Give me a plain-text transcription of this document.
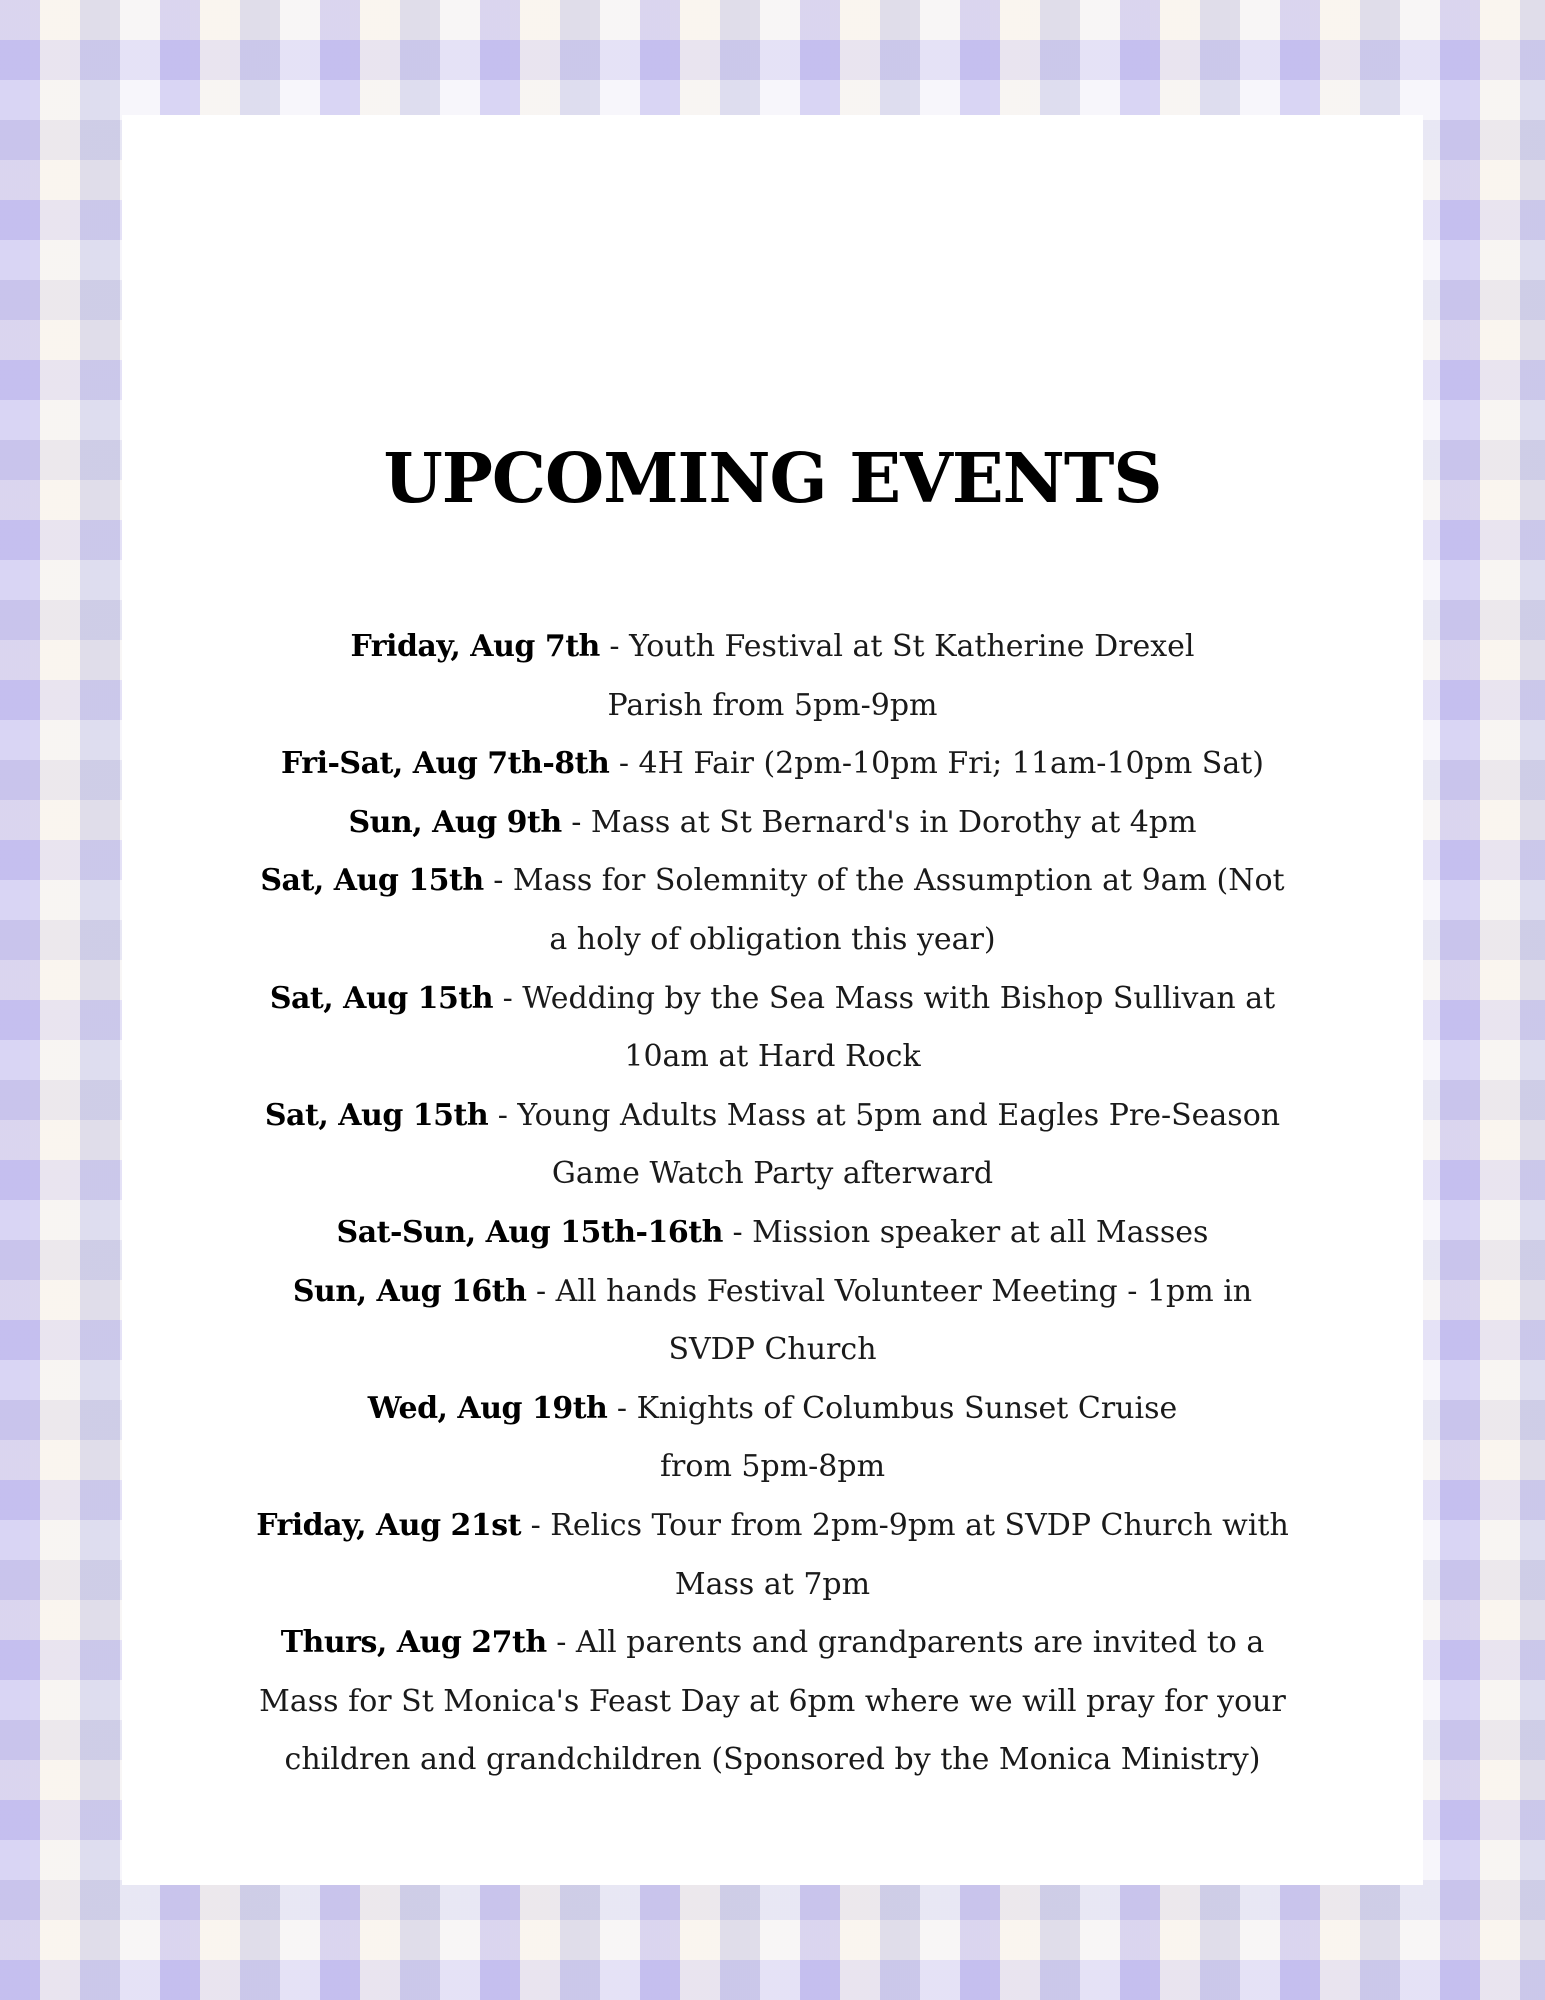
UPCOMING EVENTS

Friday, Aug 7th - Youth Festival at St Katherine Drexel
Parish from 5pm-9pm

Fri-Sat, Aug 7th-8th - 4H Fair (2pm-10pm Fri; 11am-10pm Sat)

Sun, Aug 9th - Mass at St Bernard's in Dorothy at 4pm

Sat, Aug 15th - Mass for Solemnity of the Assumption at 9am (Not a holy of obligation this year)

Sat, Aug 15th - Wedding by the Sea Mass with Bishop Sullivan at 10am at Hard Rock

Sat, Aug 15th - Young Adults Mass at 5pm and Eagles Pre-Season Game Watch Party afterward

Sat-Sun, Aug 15th-16th - Mission speaker at all Masses

Sun, Aug 16th - All hands Festival Volunteer Meeting - 1pm in SVDP Church

Wed, Aug 19th - Knights of Columbus Sunset Cruise
from 5pm-8pm

Friday, Aug 21st - Relics Tour from 2pm-9pm at SVDP Church with Mass at 7pm

Thurs, Aug 27th - All parents and grandparents are invited to a Mass for St Monica's Feast Day at 6pm where we will pray for your children and grandchildren (Sponsored by the Monica Ministry)
